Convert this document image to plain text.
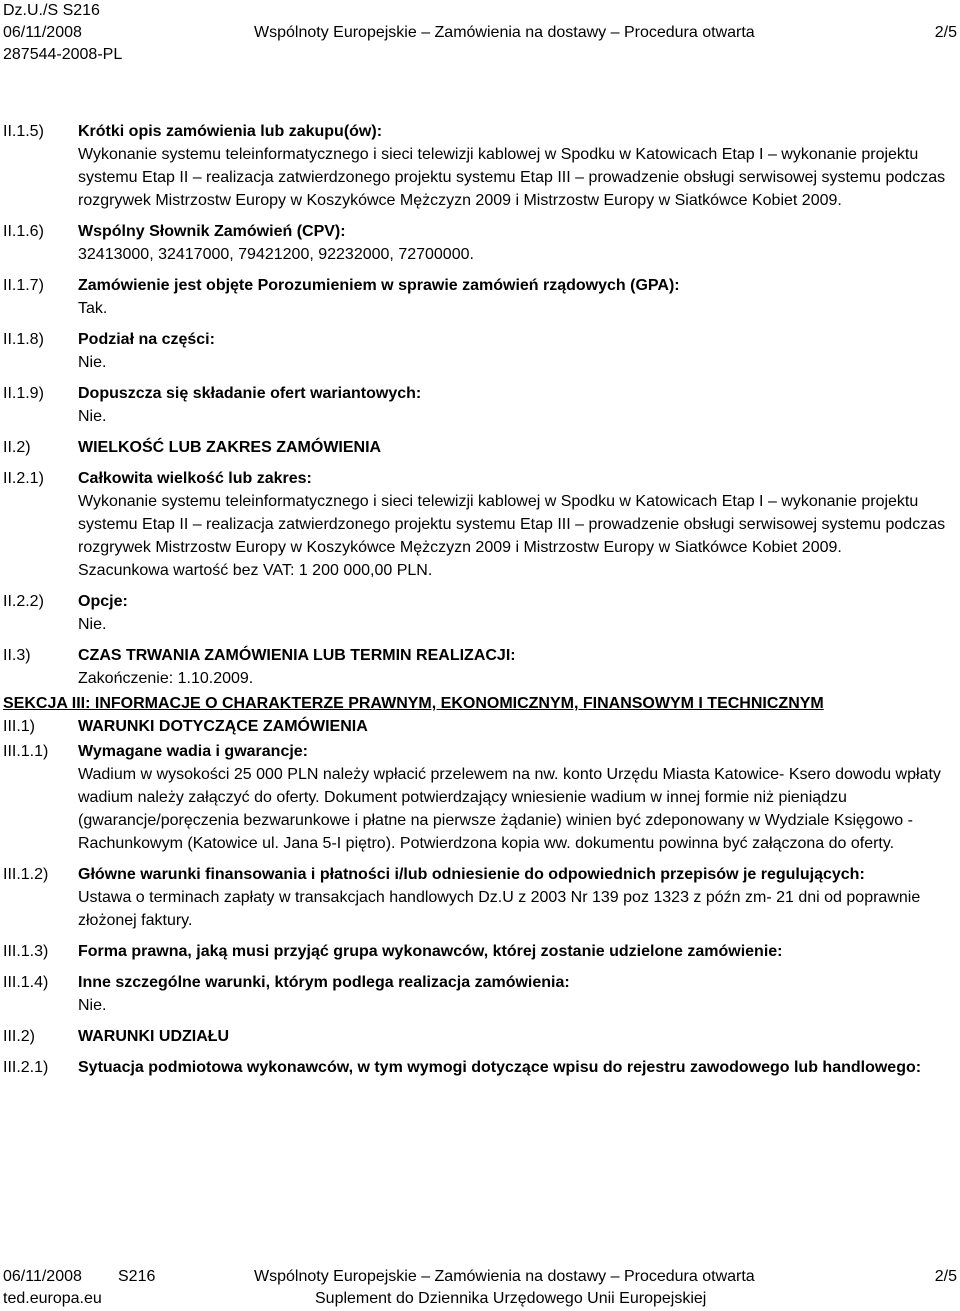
Dz.U./S S216
06/11/2008	Wspólnoty Europejskie – Zamówienia na dostawy – Procedura otwarta	2/5
287544-2008-PL
II.1.5)	Krótki opis zamówienia lub zakupu(ów):
Wykonanie systemu teleinformatycznego i sieci telewizji kablowej w Spodku w Katowicach Etap I – wykonanie projektu systemu Etap II – realizacja zatwierdzonego projektu systemu Etap III – prowadzenie obsługi serwisowej systemu podczas rozgrywek Mistrzostw Europy w Koszykówce Mężczyzn 2009 i Mistrzostw Europy w Siatkówce Kobiet 2009.
II.1.6)	Wspólny Słownik Zamówień (CPV):
32413000, 32417000, 79421200, 92232000, 72700000.
II.1.7)	Zamówienie jest objęte Porozumieniem w sprawie zamówień rządowych (GPA):
Tak.
II.1.8)	Podział na części:
Nie.
II.1.9)	Dopuszcza się składanie ofert wariantowych:
Nie.
II.2)	WIELKOŚĆ LUB ZAKRES ZAMÓWIENIA
II.2.1)	Całkowita wielkość lub zakres:
Wykonanie systemu teleinformatycznego i sieci telewizji kablowej w Spodku w Katowicach Etap I – wykonanie projektu systemu Etap II – realizacja zatwierdzonego projektu systemu Etap III – prowadzenie obsługi serwisowej systemu podczas rozgrywek Mistrzostw Europy w Koszykówce Mężczyzn 2009 i Mistrzostw Europy w Siatkówce Kobiet 2009.
Szacunkowa wartość bez VAT: 1 200 000,00 PLN.
II.2.2)	Opcje:
Nie.
II.3)	CZAS TRWANIA ZAMÓWIENIA LUB TERMIN REALIZACJI:
Zakończenie: 1.10.2009.
SEKCJA III: INFORMACJE O CHARAKTERZE PRAWNYM, EKONOMICZNYM, FINANSOWYM I TECHNICZNYM
III.1)	WARUNKI DOTYCZĄCE ZAMÓWIENIA
III.1.1)	Wymagane wadia i gwarancje:
Wadium w wysokości 25 000 PLN należy wpłacić przelewem na nw. konto Urzędu Miasta Katowice- Ksero dowodu wpłaty wadium należy załączyć do oferty. Dokument potwierdzający wniesienie wadium w innej formie niż pieniądzu (gwarancje/poręczenia bezwarunkowe i płatne na pierwsze żądanie) winien być zdeponowany w Wydziale Księgowo - Rachunkowym (Katowice ul. Jana 5-I piętro). Potwierdzona kopia ww. dokumentu powinna być załączona do oferty.
III.1.2)	Główne warunki finansowania i płatności i/lub odniesienie do odpowiednich przepisów je regulujących:
Ustawa o terminach zapłaty w transakcjach handlowych Dz.U z 2003 Nr 139 poz 1323 z późn zm- 21 dni od poprawnie złożonej faktury.
III.1.3)	Forma prawna, jaką musi przyjąć grupa wykonawców, której zostanie udzielone zamówienie:
III.1.4)	Inne szczególne warunki, którym podlega realizacja zamówienia:
Nie.
III.2)	WARUNKI UDZIAŁU
III.2.1)	Sytuacja podmiotowa wykonawców, w tym wymogi dotyczące wpisu do rejestru zawodowego lub handlowego:
06/11/2008 S216	Wspólnoty Europejskie – Zamówienia na dostawy – Procedura otwarta	2/5
ted.europa.eu	Suplement do Dziennika Urzędowego Unii Europejskiej
